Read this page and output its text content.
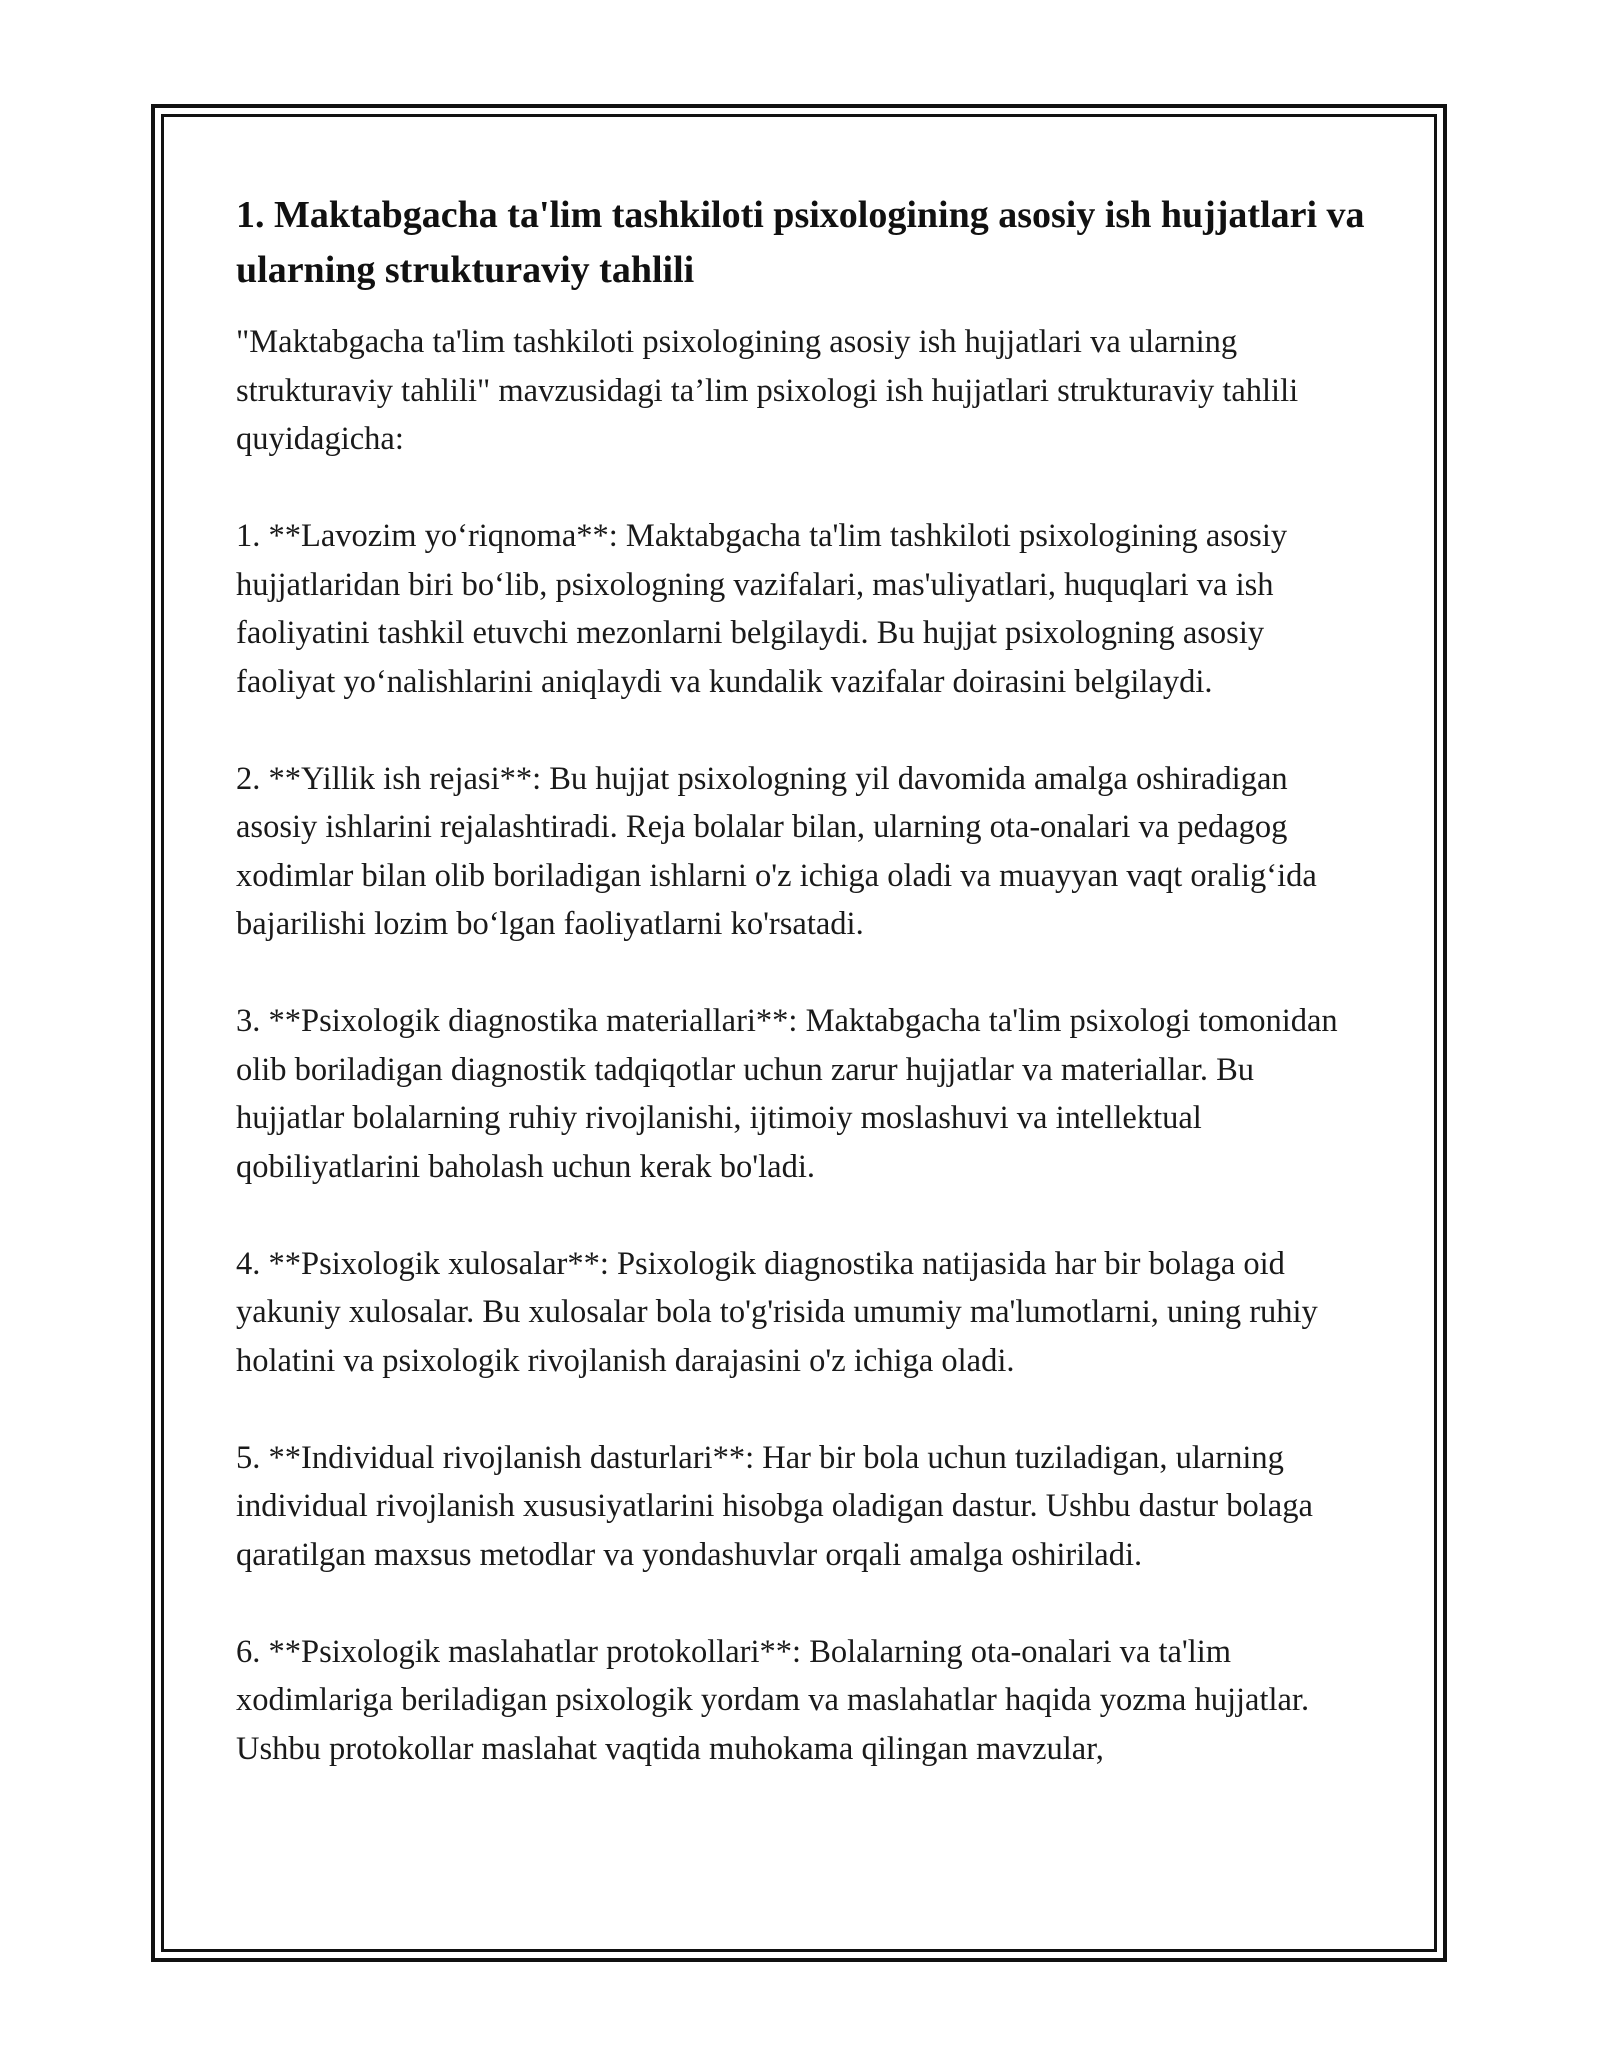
1. Maktabgacha ta'lim tashkiloti psixologining asosiy ish hujjatlari va ularning strukturaviy tahlili

"Maktabgacha ta'lim tashkiloti psixologining asosiy ish hujjatlari va ularning strukturaviy tahlili" mavzusidagi ta’lim psixologi ish hujjatlari strukturaviy tahlili quyidagicha:

1. **Lavozim yo‘riqnoma**: Maktabgacha ta'lim tashkiloti psixologining asosiy hujjatlaridan biri bo‘lib, psixologning vazifalari, mas'uliyatlari, huquqlari va ish faoliyatini tashkil etuvchi mezonlarni belgilaydi. Bu hujjat psixologning asosiy faoliyat yo‘nalishlarini aniqlaydi va kundalik vazifalar doirasini belgilaydi.

2. **Yillik ish rejasi**: Bu hujjat psixologning yil davomida amalga oshiradigan asosiy ishlarini rejalashtiradi. Reja bolalar bilan, ularning ota-onalari va pedagog xodimlar bilan olib boriladigan ishlarni o'z ichiga oladi va muayyan vaqt oralig‘ida bajarilishi lozim bo‘lgan faoliyatlarni ko'rsatadi.

3. **Psixologik diagnostika materiallari**: Maktabgacha ta'lim psixologi tomonidan olib boriladigan diagnostik tadqiqotlar uchun zarur hujjatlar va materiallar. Bu hujjatlar bolalarning ruhiy rivojlanishi, ijtimoiy moslashuvi va intellektual qobiliyatlarini baholash uchun kerak bo'ladi.

4. **Psixologik xulosalar**: Psixologik diagnostika natijasida har bir bolaga oid yakuniy xulosalar. Bu xulosalar bola to'g'risida umumiy ma'lumotlarni, uning ruhiy holatini va psixologik rivojlanish darajasini o'z ichiga oladi.

5. **Individual rivojlanish dasturlari**: Har bir bola uchun tuziladigan, ularning individual rivojlanish xususiyatlarini hisobga oladigan dastur. Ushbu dastur bolaga qaratilgan maxsus metodlar va yondashuvlar orqali amalga oshiriladi.

6. **Psixologik maslahatlar protokollari**: Bolalarning ota-onalari va ta'lim xodimlariga beriladigan psixologik yordam va maslahatlar haqida yozma hujjatlar. Ushbu protokollar maslahat vaqtida muhokama qilingan mavzular,
